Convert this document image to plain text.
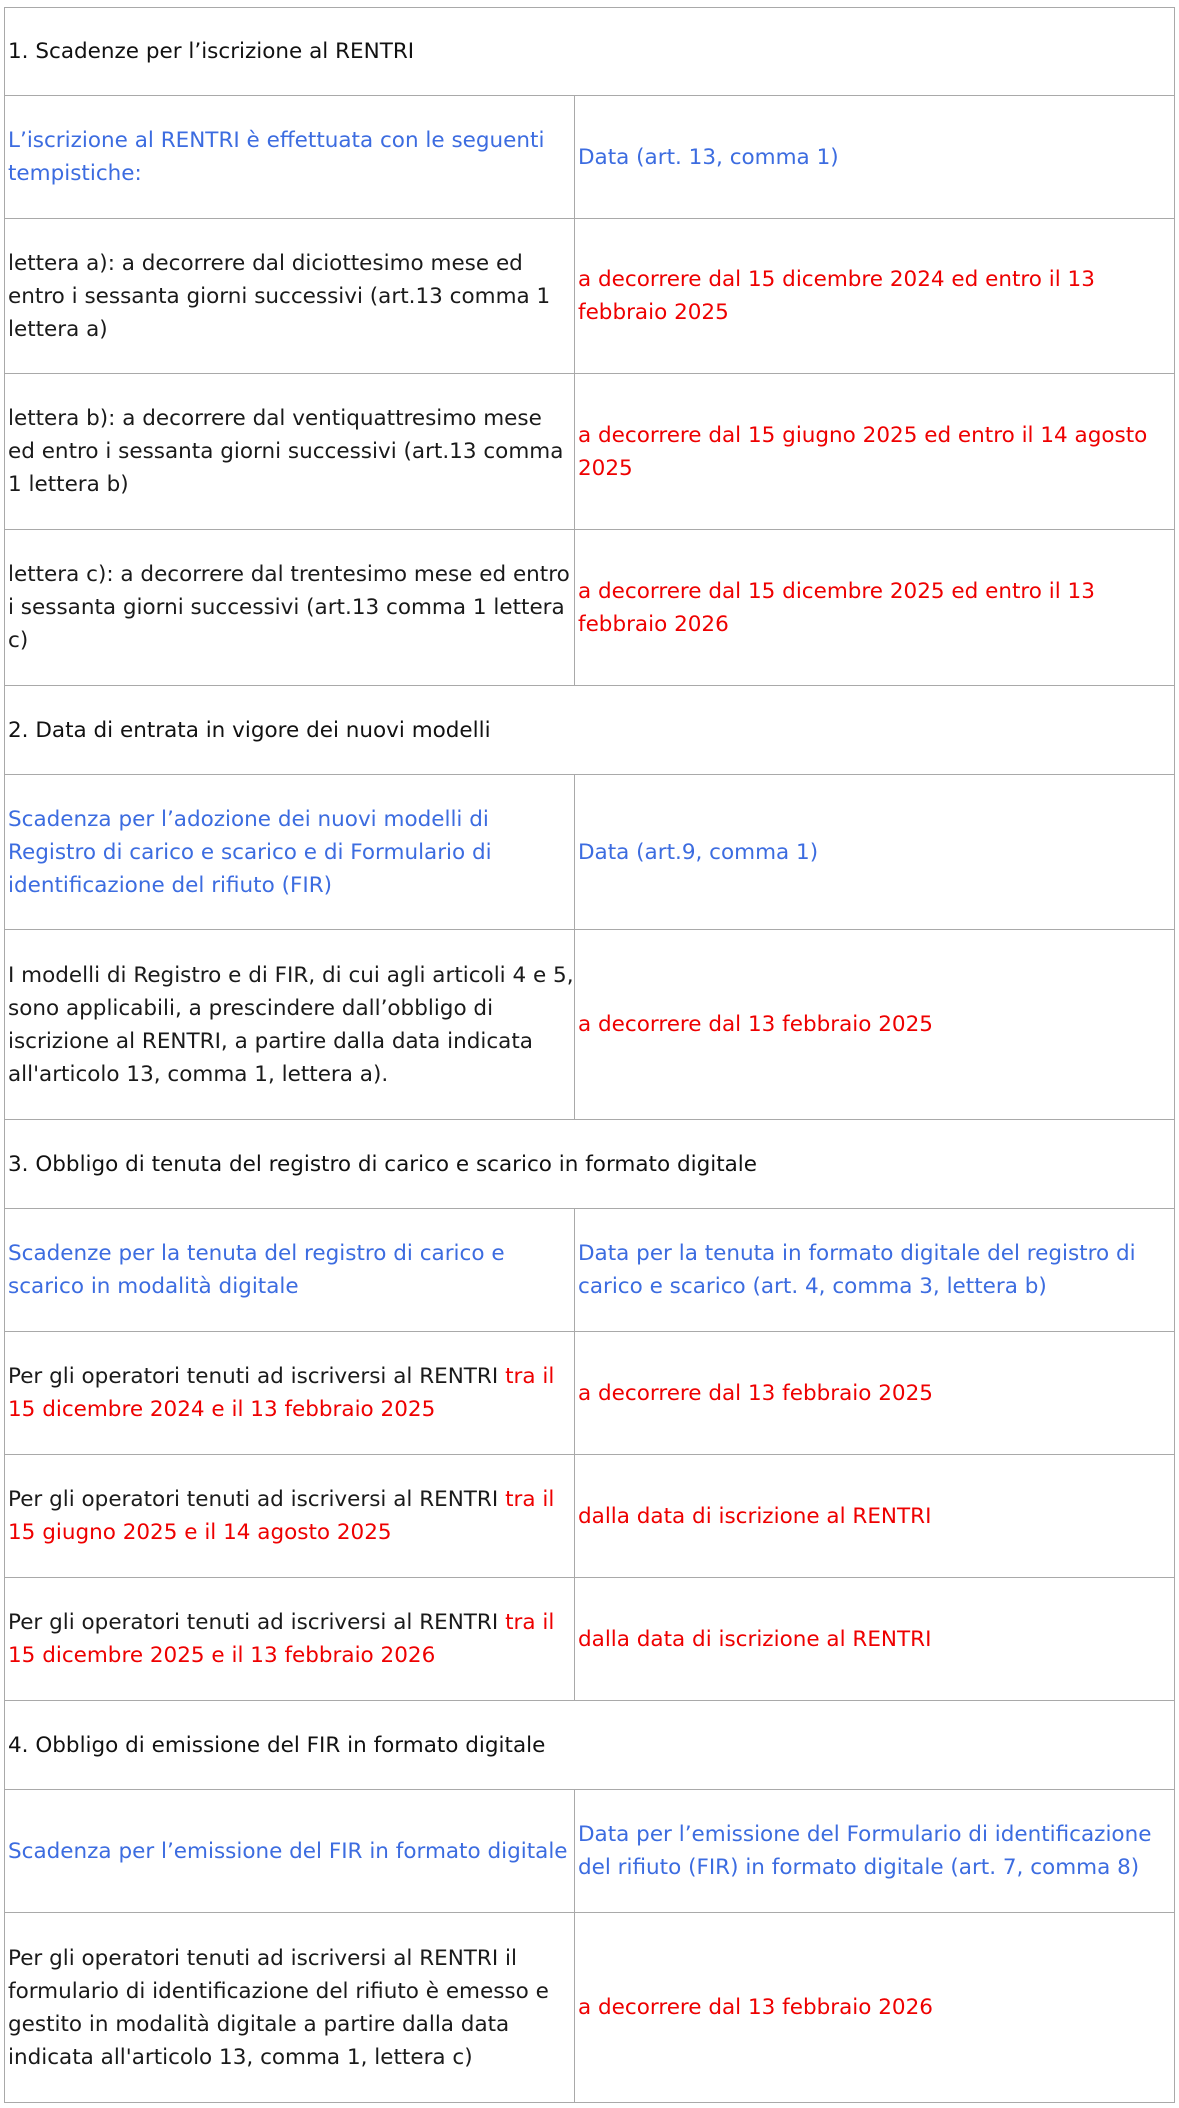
1. Scadenze per l’iscrizione al RENTRI	
L’iscrizione al RENTRI è effettuata con le seguenti tempistiche:	Data (art. 13, comma 1)
lettera a): a decorrere dal diciottesimo mese ed entro i sessanta giorni successivi (art.13 comma 1 lettera a)	a decorrere dal 15 dicembre 2024 ed entro il 13 febbraio 2025
lettera b): a decorrere dal ventiquattresimo mese ed entro i sessanta giorni successivi (art.13 comma 1 lettera b)	a decorrere dal 15 giugno 2025 ed entro il 14 agosto 2025
lettera c): a decorrere dal trentesimo mese ed entro i sessanta giorni successivi (art.13 comma 1 lettera c)	a decorrere dal 15 dicembre 2025 ed entro il 13 febbraio 2026
2. Data di entrata in vigore dei nuovi modelli	
Scadenza per l’adozione dei nuovi modelli di Registro di carico e scarico e di Formulario di identificazione del rifiuto (FIR)	Data (art.9, comma 1)
I modelli di Registro e di FIR, di cui agli articoli 4 e 5, sono applicabili, a prescindere dall’obbligo di iscrizione al RENTRI, a partire dalla data indicata all'articolo 13, comma 1, lettera a).	a decorrere dal 13 febbraio 2025
3. Obbligo di tenuta del registro di carico e scarico in formato digitale	
Scadenze per la tenuta del registro di carico e scarico in modalità digitale	Data per la tenuta in formato digitale del registro di carico e scarico (art. 4, comma 3, lettera b)
Per gli operatori tenuti ad iscriversi al RENTRI tra il 15 dicembre 2024 e il 13 febbraio 2025	a decorrere dal 13 febbraio 2025
Per gli operatori tenuti ad iscriversi al RENTRI tra il 15 giugno 2025 e il 14 agosto 2025	dalla data di iscrizione al RENTRI
Per gli operatori tenuti ad iscriversi al RENTRI tra il 15 dicembre 2025 e il 13 febbraio 2026	dalla data di iscrizione al RENTRI
4. Obbligo di emissione del FIR in formato digitale	
Scadenza per l’emissione del FIR in formato digitale	Data per l’emissione del Formulario di identificazione del rifiuto (FIR) in formato digitale (art. 7, comma 8)
Per gli operatori tenuti ad iscriversi al RENTRI il formulario di identificazione del rifiuto è emesso e gestito in modalità digitale a partire dalla data indicata all'articolo 13, comma 1, lettera c)	a decorrere dal 13 febbraio 2026
